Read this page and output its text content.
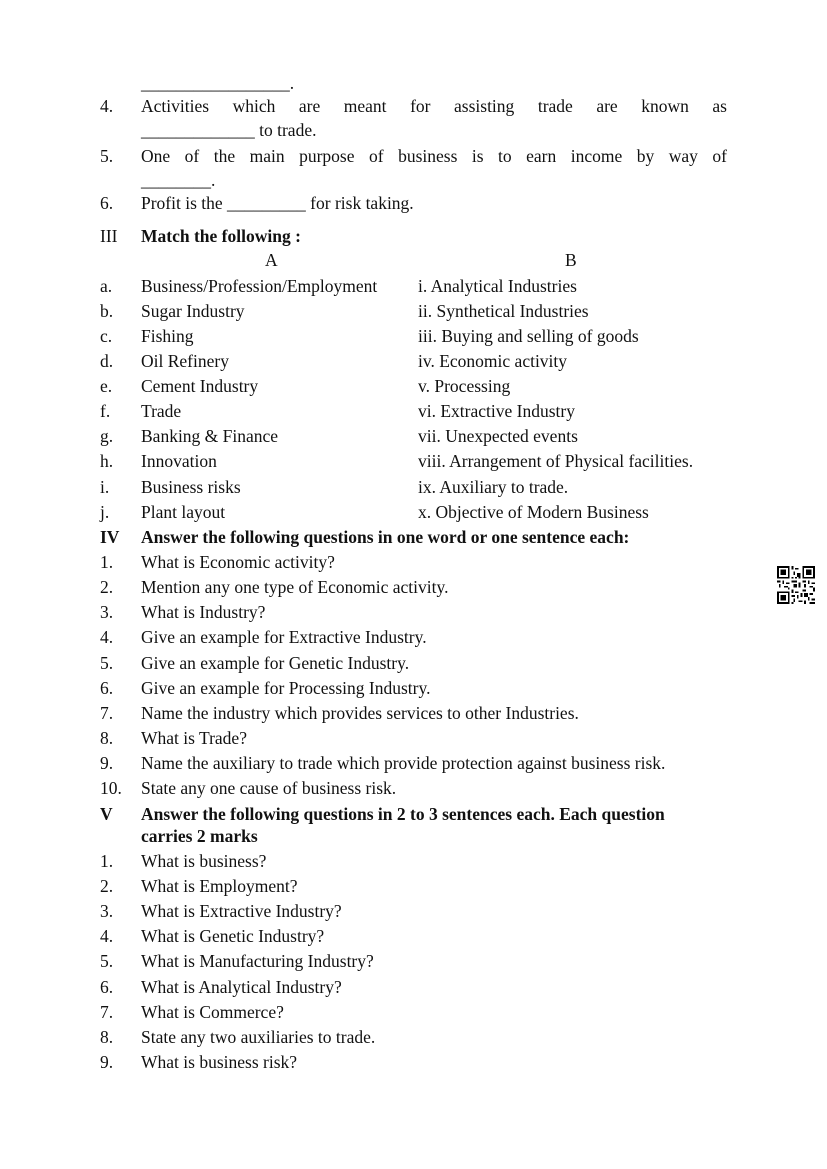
_________________.
4. Activities which are meant for assisting trade are known as
_____________ to trade.
5. One of the main purpose of business is to earn income by way of
________.
6. Profit is the _________ for risk taking.
III Match the following :
A	B
a. Business/Profession/Employment i. Analytical Industries
b. Sugar Industry	ii. Synthetical Industries
c. Fishing	iii. Buying and selling of goods
d. Oil Refinery	iv. Economic activity
e. Cement Industry	v. Processing
f. Trade	vi. Extractive Industry
g. Banking & Finance	vii. Unexpected events
h. Innovation	viii. Arrangement of Physical facilities.
i. Business risks	ix. Auxiliary to trade.
j. Plant layout	x. Objective of Modern Business
IV Answer the following questions in one word or one sentence each:
1. What is Economic activity?
2. Mention any one type of Economic activity.
3. What is Industry?
4. Give an example for Extractive Industry.
5. Give an example for Genetic Industry.
6. Give an example for Processing Industry.
7. Name the industry which provides services to other Industries.
8. What is Trade?
9. Name the auxiliary to trade which provide protection against business risk.
10. State any one cause of business risk.
V Answer the following questions in 2 to 3 sentences each. Each question
carries 2 marks
1. What is business?
2. What is Employment?
3. What is Extractive Industry?
4. What is Genetic Industry?
5. What is Manufacturing Industry?
6. What is Analytical Industry?
7. What is Commerce?
8. State any two auxiliaries to trade.
9. What is business risk?
